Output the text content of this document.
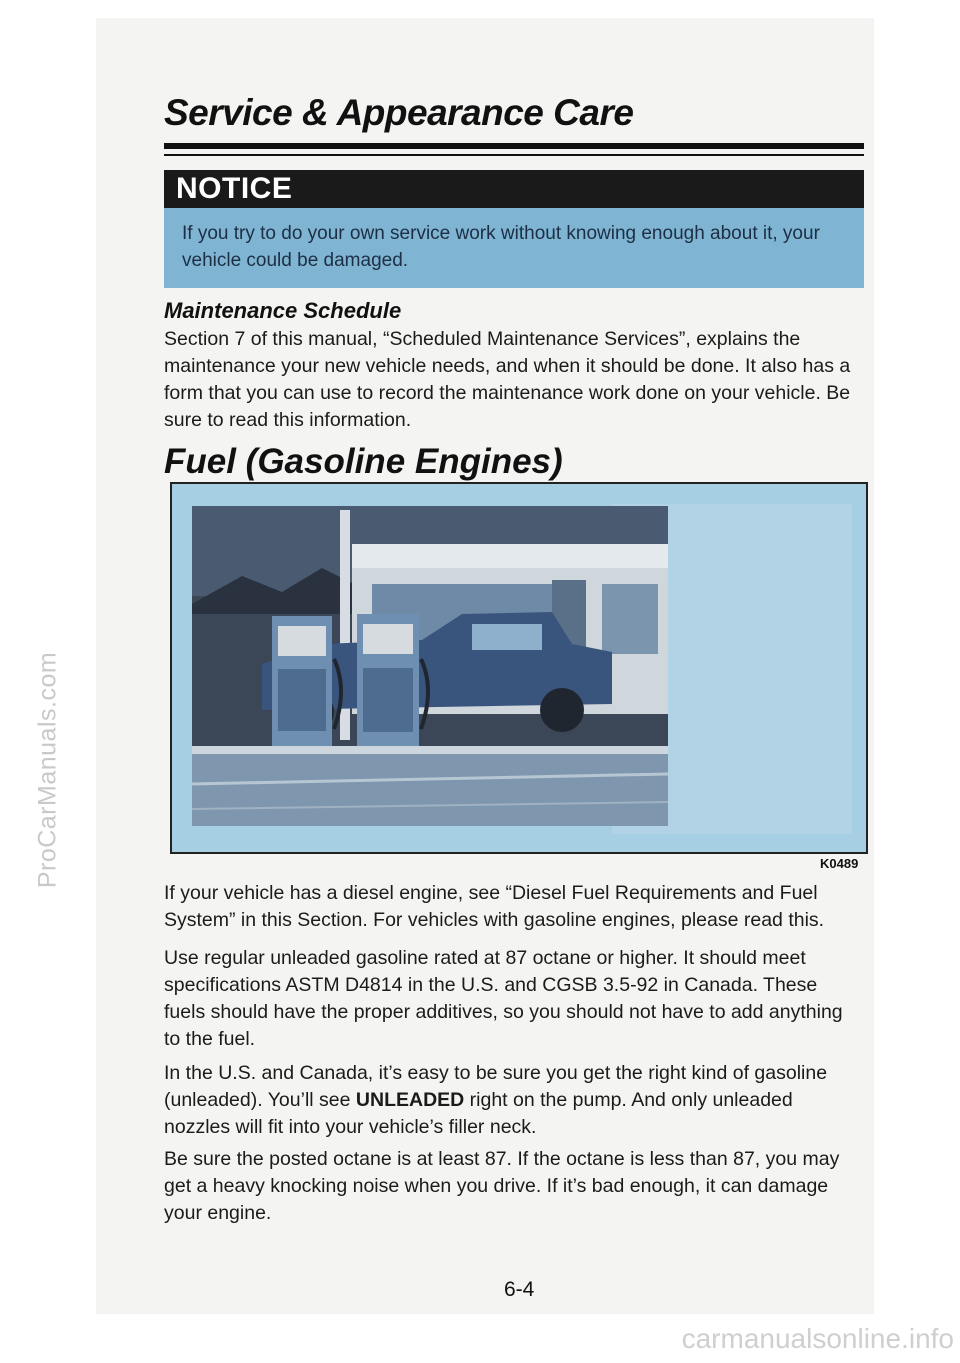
ProCarManuals.com
carmanualsonline.info
Service & Appearance Care
NOTICE
If you try to do your own service work without knowing enough about it, your vehicle could be damaged.
Maintenance Schedule

Section 7 of this manual, “Scheduled Maintenance Services”, explains the maintenance your new vehicle needs, and when it should be done. It also has a form that you can use to record the maintenance work done on your vehicle. Be sure to read this information.

Fuel (Gasoline Engines)

K0489

If your vehicle has a diesel engine, see “Diesel Fuel Requirements and Fuel System” in this Section. For vehicles with gasoline engines, please read this.

Use regular unleaded gasoline rated at 87 octane or higher. It should meet specifications ASTM D4814 in the U.S. and CGSB 3.5-92 in Canada. These fuels should have the proper additives, so you should not have to add anything to the fuel.

In the U.S. and Canada, it’s easy to be sure you get the right kind of gasoline (unleaded). You’ll see UNLEADED right on the pump. And only unleaded nozzles will fit into your vehicle’s filler neck.

Be sure the posted octane is at least 87. If the octane is less than 87, you may get a heavy knocking noise when you drive. If it’s bad enough, it can damage your engine.

6-4
